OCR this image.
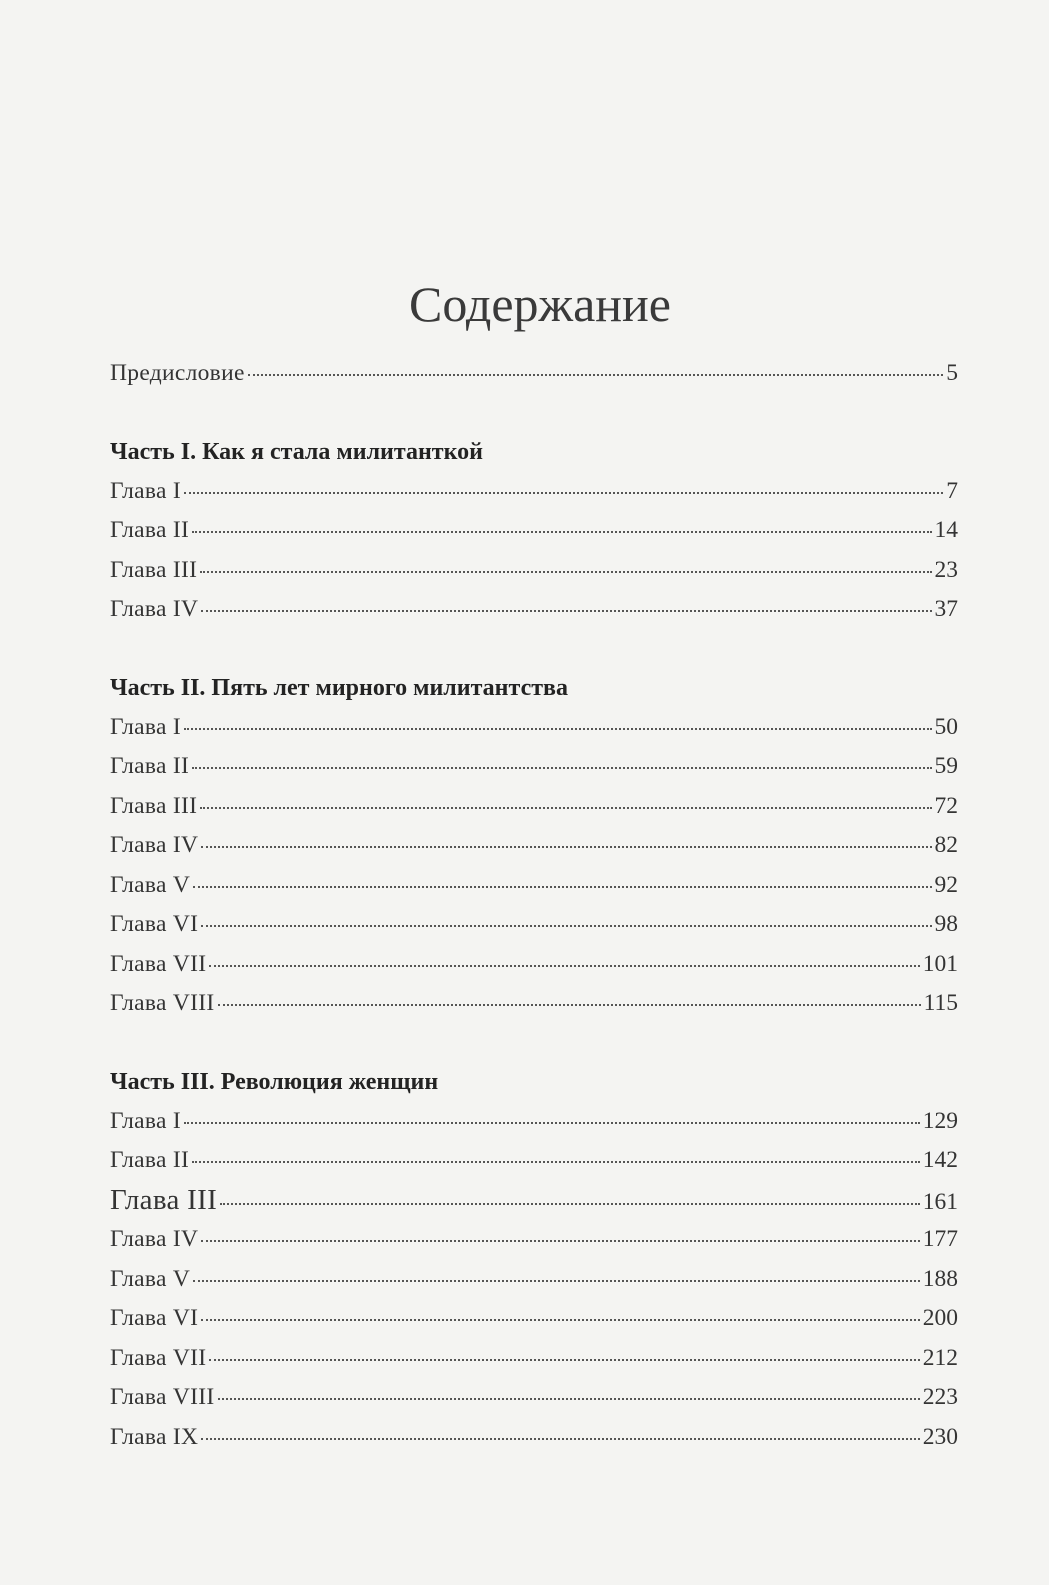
Содержание
Предисловие	5
Часть I. Как я стала милитанткой
Глава I	7
Глава II	14
Глава III	23
Глава IV	37
Часть II. Пять лет мирного милитантства
Глава I	50
Глава II	59
Глава III	72
Глава IV	82
Глава V	92
Глава VI	98
Глава VII	101
Глава VIII	115
Часть III. Революция женщин
Глава I	129
Глава II	142
Глава III	161
Глава IV	177
Глава V	188
Глава VI	200
Глава VII	212
Глава VIII	223
Глава IX	230
